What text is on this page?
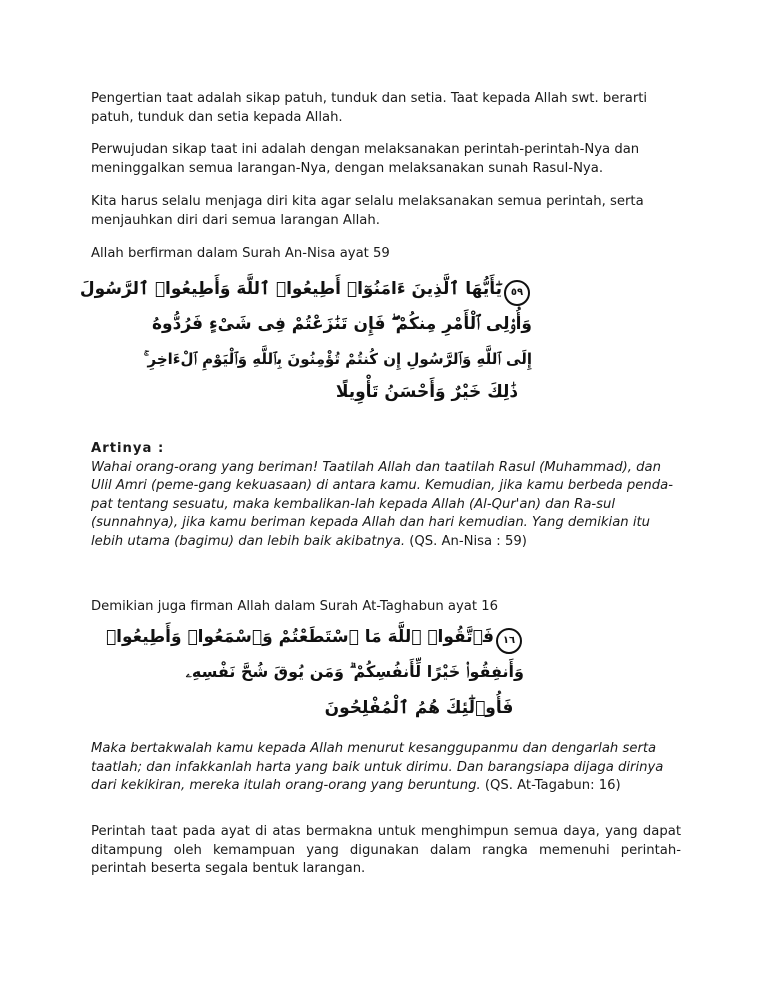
Pengertian taat adalah sikap patuh, tunduk dan setia. Taat kepada Allah swt. berarti patuh, tunduk dan setia kepada Allah.

Perwujudan sikap taat ini adalah dengan melaksanakan perintah-perintah-Nya dan meninggalkan semua larangan-Nya, dengan melaksanakan sunah Rasul-Nya.

Kita harus selalu menjaga diri kita agar selalu melaksanakan semua perintah, serta menjauhkan diri dari semua larangan Allah.

Allah berfirman dalam Surah An-Nisa ayat 59

٥٩
يَٰٓأَيُّهَا ٱلَّذِينَ ءَامَنُوٓا۟ أَطِيعُوا۟ ٱللَّهَ وَأَطِيعُوا۟ ٱلرَّسُولَ
وَأُو۟لِى ٱلْأَمْرِ مِنكُمْ ۖ فَإِن تَنَٰزَعْتُمْ فِى شَىْءٍ فَرُدُّوهُ
إِلَى ٱللَّهِ وَٱلرَّسُولِ إِن كُنتُمْ تُؤْمِنُونَ بِٱللَّهِ وَٱلْيَوْمِ ٱلْءَاخِرِ ۚ
ذَٰلِكَ خَيْرٌ وَأَحْسَنُ تَأْوِيلًا

Artinya :
Wahai orang-orang yang beriman! Taatilah Allah dan taatilah Rasul (Muhammad), dan Ulil Amri (peme-gang kekuasaan) di antara kamu. Kemudian, jika kamu berbeda penda-pat tentang sesuatu, maka kembalikan-lah kepada Allah (Al-Qur'an) dan Ra-sul (sunnahnya), jika kamu beriman kepada Allah dan hari kemudian. Yang demikian itu lebih utama (bagimu) dan lebih baik akibatnya. (QS. An-Nisa : 59)

Demikian juga firman Allah dalam Surah At-Taghabun ayat 16

١٦
فَٱتَّقُوا۟ ٱللَّهَ مَا ٱسْتَطَعْتُمْ وَٱسْمَعُوا۟ وَأَطِيعُوا۟
وَأَنفِقُوا۟ خَيْرًا لِّأَنفُسِكُمْ ۗ وَمَن يُوقَ شُحَّ نَفْسِهِۦ
فَأُو۟لَٰٓئِكَ هُمُ ٱلْمُفْلِحُونَ

Maka bertakwalah kamu kepada Allah menurut kesanggupanmu dan dengarlah serta taatlah; dan infakkanlah harta yang baik untuk dirimu. Dan barangsiapa dijaga dirinya dari kekikiran, mereka itulah orang-orang yang beruntung. (QS. At-Tagabun: 16)

Perintah taat pada ayat di atas bermakna untuk menghimpun semua daya, yang dapat ditampung oleh kemampuan yang digunakan dalam rangka memenuhi perintah-perintah beserta segala bentuk larangan.
